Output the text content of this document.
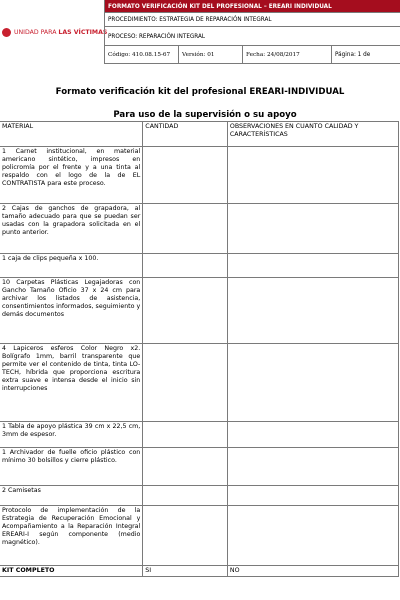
UNIDAD PARA LAS VÍCTIMAS
FORMATO VERIFICACIÓN KIT DEL PROFESIONAL – EREARI INDIVIDUAL
PROCEDIMIENTO: ESTRATEGIA DE REPARACIÓN INTEGRAL
PROCESO: REPARACIÓN INTEGRAL
Código: 410.08.15-67	Versión: 01	Fecha: 24/08/2017	Página: 1 de
Formato verificación kit del profesional EREARI-INDIVIDUAL
Para uso de la supervisión o su apoyo
MATERIAL	CANTIDAD	OBSERVACIONES EN CUANTO CALIDAD Y CARACTERÍSTICAS
1 Carnet institucional, en material americano sintético, impresos en policromía por el frente y a una tinta al respaldo con el logo de la de EL CONTRATISTA para este proceso.		
2 Cajas de ganchos de grapadora, al tamaño adecuado para que se puedan ser usadas con la grapadora solicitada en el punto anterior.		
1 caja de clips pequeña x 100.		
10 Carpetas Plásticas Legajadoras con Gancho Tamaño Oficio 37 x 24 cm para archivar los listados de asistencia, consentimientos informados, seguimiento y demás documentos		
4 Lapiceros esferos Color Negro x2. Bolígrafo 1mm, barril transparente que permite ver el contenido de tinta, tinta LO-TECH, híbrida que proporciona escritura extra suave e intensa desde el inicio sin interrupciones		
1 Tabla de apoyo plástica 39 cm x 22,5 cm, 3mm de espesor.		
1 Archivador de fuelle oficio plástico con mínimo 30 bolsillos y cierre plástico.		
2 Camisetas		
Protocolo de implementación de la Estrategia de Recuperación Emocional y Acompañamiento a la Reparación Integral EREARI-I según componente (medio magnético).		
KIT COMPLETO	SI	NO
